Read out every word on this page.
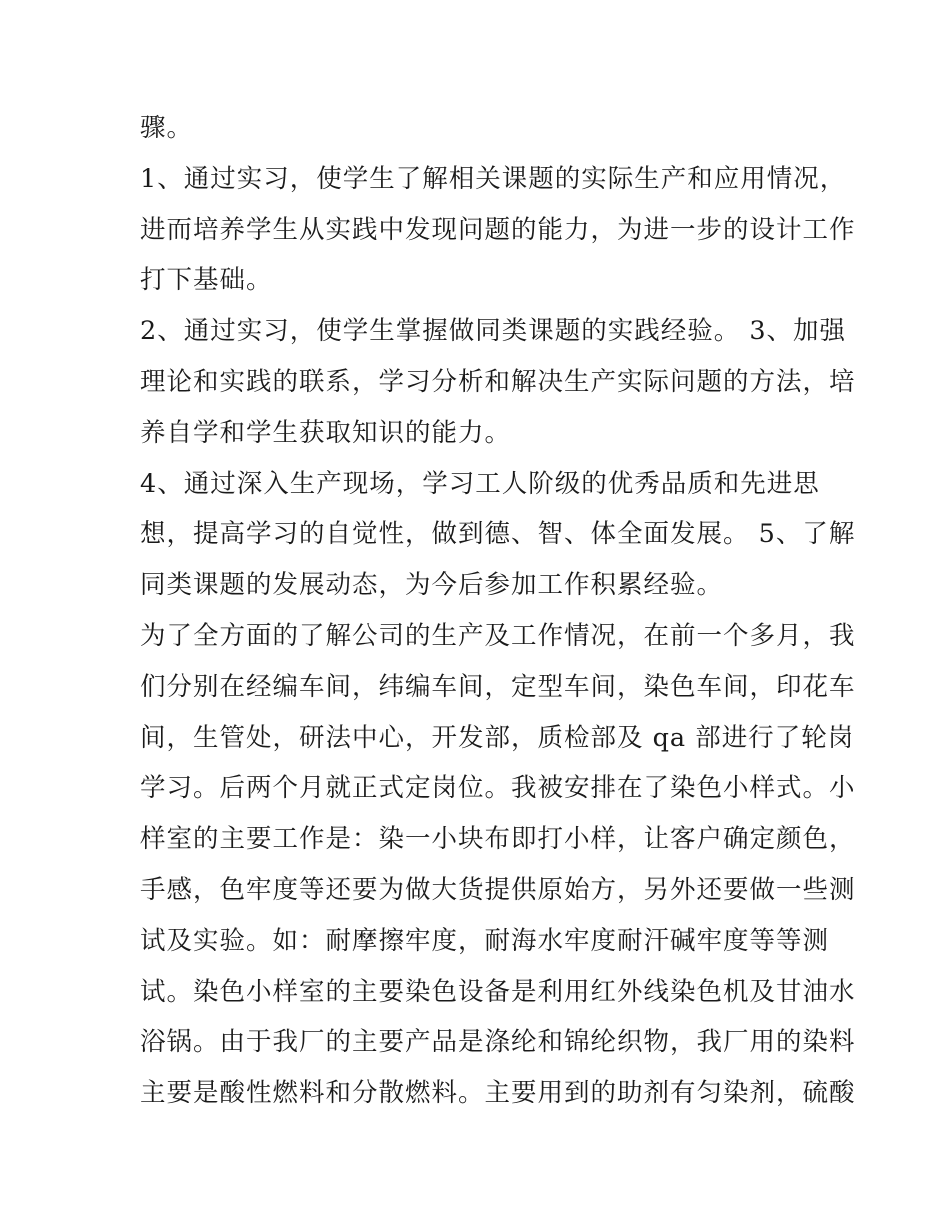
骤。
1、通过实习，使学生了解相关课题的实际生产和应用情况，
进而培养学生从实践中发现问题的能力，为进一步的设计工作
打下基础。
2、通过实习，使学生掌握做同类课题的实践经验。 3、加强
理论和实践的联系，学习分析和解决生产实际问题的方法，培
养自学和学生获取知识的能力。
4、通过深入生产现场，学习工人阶级的优秀品质和先进思
想，提高学习的自觉性，做到德、智、体全面发展。 5、了解
同类课题的发展动态，为今后参加工作积累经验。
为了全方面的了解公司的生产及工作情况，在前一个多月，我
们分别在经编车间，纬编车间，定型车间，染色车间，印花车
间，生管处，研法中心，开发部，质检部及 qa 部进行了轮岗
学习。后两个月就正式定岗位。我被安排在了染色小样式。小
样室的主要工作是：染一小块布即打小样，让客户确定颜色，
手感，色牢度等还要为做大货提供原始方，另外还要做一些测
试及实验。如：耐摩擦牢度，耐海水牢度耐汗碱牢度等等测
试。染色小样室的主要染色设备是利用红外线染色机及甘油水
浴锅。由于我厂的主要产品是涤纶和锦纶织物，我厂用的染料
主要是酸性燃料和分散燃料。主要用到的助剂有匀染剂，硫酸
